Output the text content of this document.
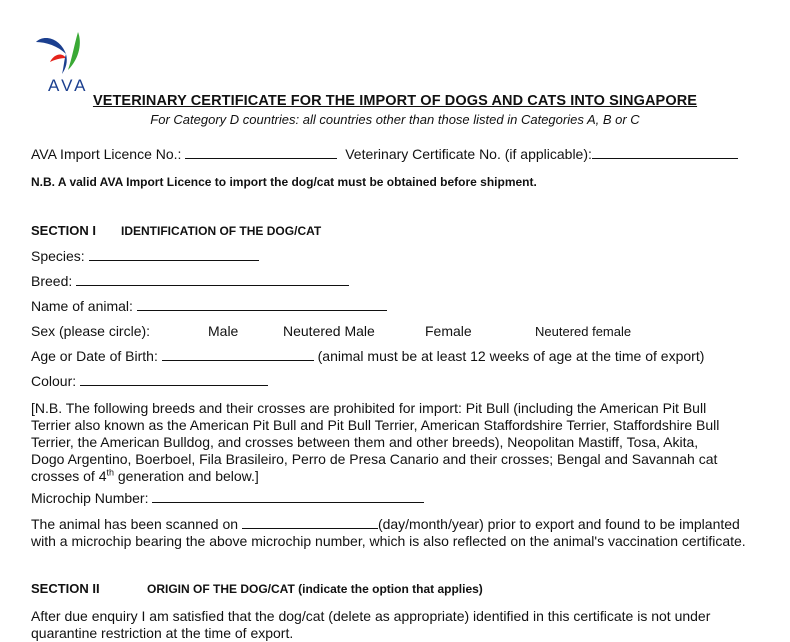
AVA
VETERINARY CERTIFICATE FOR THE IMPORT OF DOGS AND CATS INTO SINGAPORE
For Category D countries: all countries other than those listed in Categories A, B or C
AVA Import Licence No.:	Veterinary Certificate No. (if applicable):
N.B. A valid AVA Import Licence to import the dog/cat must be obtained before shipment.
SECTION I IDENTIFICATION OF THE DOG/CAT
Species:
Breed:
Name of animal:
Sex (please circle):	Male	Neutered Male	Female	Neutered female
Age or Date of Birth:	(animal must be at least 12 weeks of age at the time of export)
Colour:
[N.B. The following breeds and their crosses are prohibited for import: Pit Bull (including the American Pit Bull
Terrier also known as the American Pit Bull and Pit Bull Terrier, American Staffordshire Terrier, Staffordshire Bull
Terrier, the American Bulldog, and crosses between them and other breeds), Neopolitan Mastiff, Tosa, Akita,
Dogo Argentino, Boerboel, Fila Brasileiro, Perro de Presa Canario and their crosses; Bengal and Savannah cat
crosses of 4th generation and below.]
Microchip Number:
The animal has been scanned on	(day/month/year) prior to export and found to be implanted
with a microchip bearing the above microchip number, which is also reflected on the animal's vaccination certificate.
SECTION II	ORIGIN OF THE DOG/CAT (indicate the option that applies)
After due enquiry I am satisfied that the dog/cat (delete as appropriate) identified in this certificate is not under
quarantine restriction at the time of export.
